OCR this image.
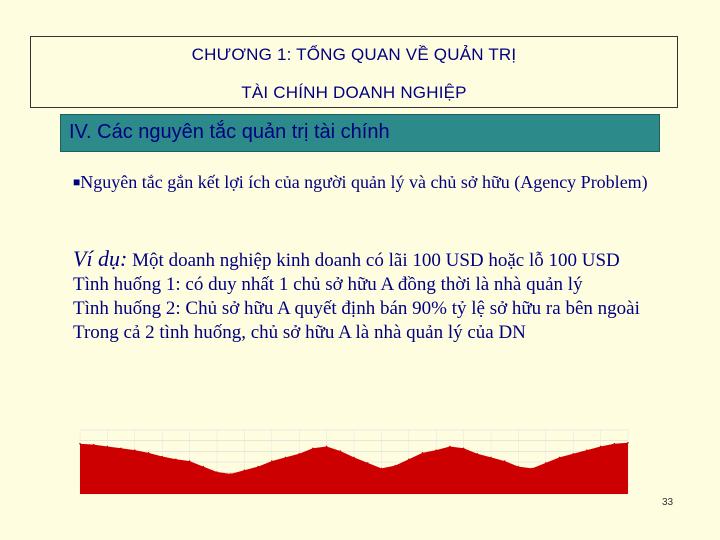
CHƯƠNG 1: TỔNG QUAN VỀ QUẢN TRỊ
TÀI CHÍNH DOANH NGHIỆP
IV. Các nguyên tắc quản trị tài chính
■Nguyên tắc gắn kết lợi ích của người quản lý và chủ sở hữu (Agency Problem)
Ví dụ: Một doanh nghiệp kinh doanh có lãi 100 USD hoặc lỗ 100 USD
Tình huống 1: có duy nhất 1 chủ sở hữu A đồng thời là nhà quản lý
Tình huống 2: Chủ sở hữu A quyết định bán 90% tỷ lệ sở hữu ra bên ngoài
Trong cả 2 tình huống, chủ sở hữu A là nhà quản lý của DN
33
